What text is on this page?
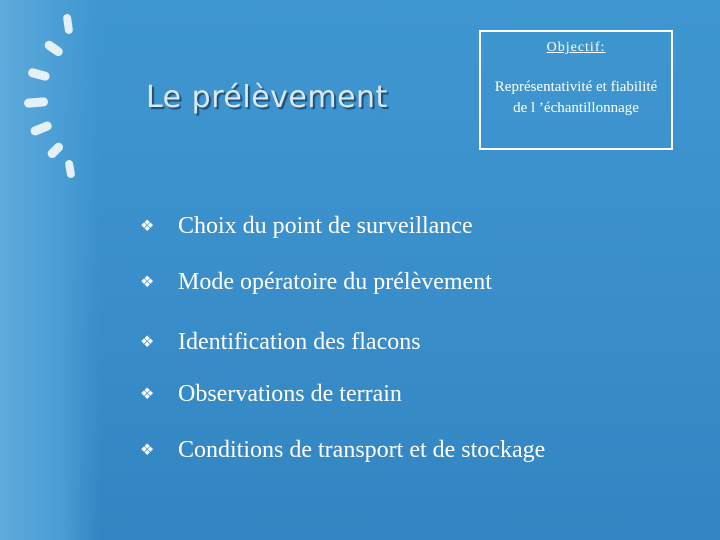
Le prélèvement
Objectif:
Représentativité et fiabilité de l ’échantillonnage
❖ Choix du point de surveillance
❖ Mode opératoire du prélèvement
❖ Identification des flacons
❖ Observations de terrain
❖ Conditions de transport et de stockage
